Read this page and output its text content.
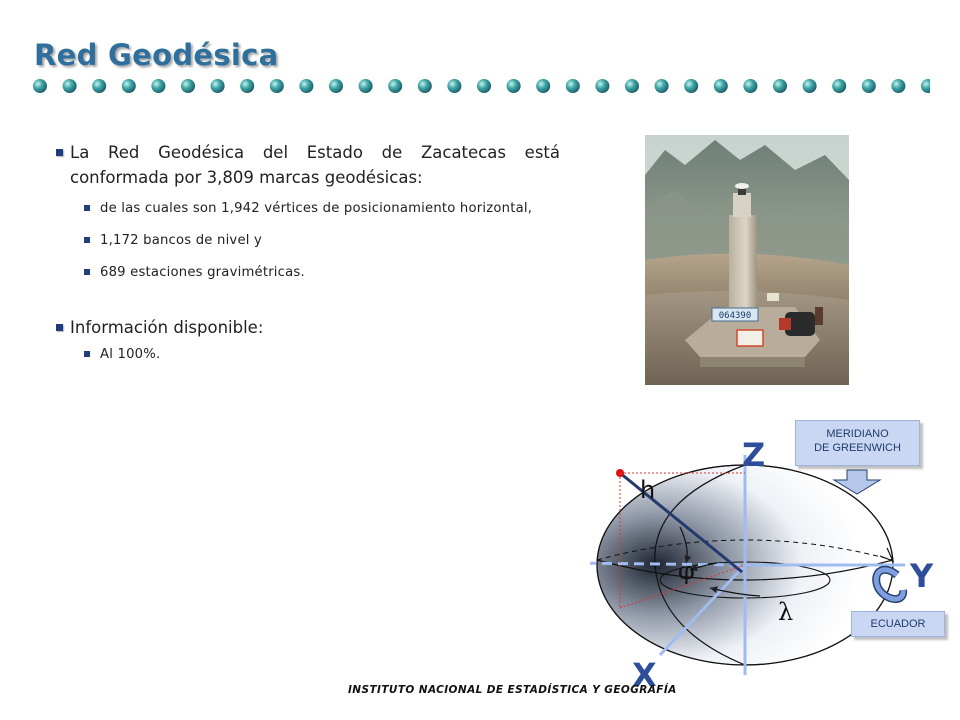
Red Geodésica

La Red Geodésica del Estado de Zacatecas está conformada por 3,809 marcas geodésicas:

de las cuales son 1,942 vértices de posicionamiento horizontal,

1,172 bancos de nivel y

689 estaciones gravimétricas.

Información disponible:

Al 100%.

064390
Z
Y
X
h
φ
λ
MERIDIANO
DE GREENWICH
ECUADOR
INSTITUTO NACIONAL DE ESTADÍSTICA Y GEOGRAFÍA
